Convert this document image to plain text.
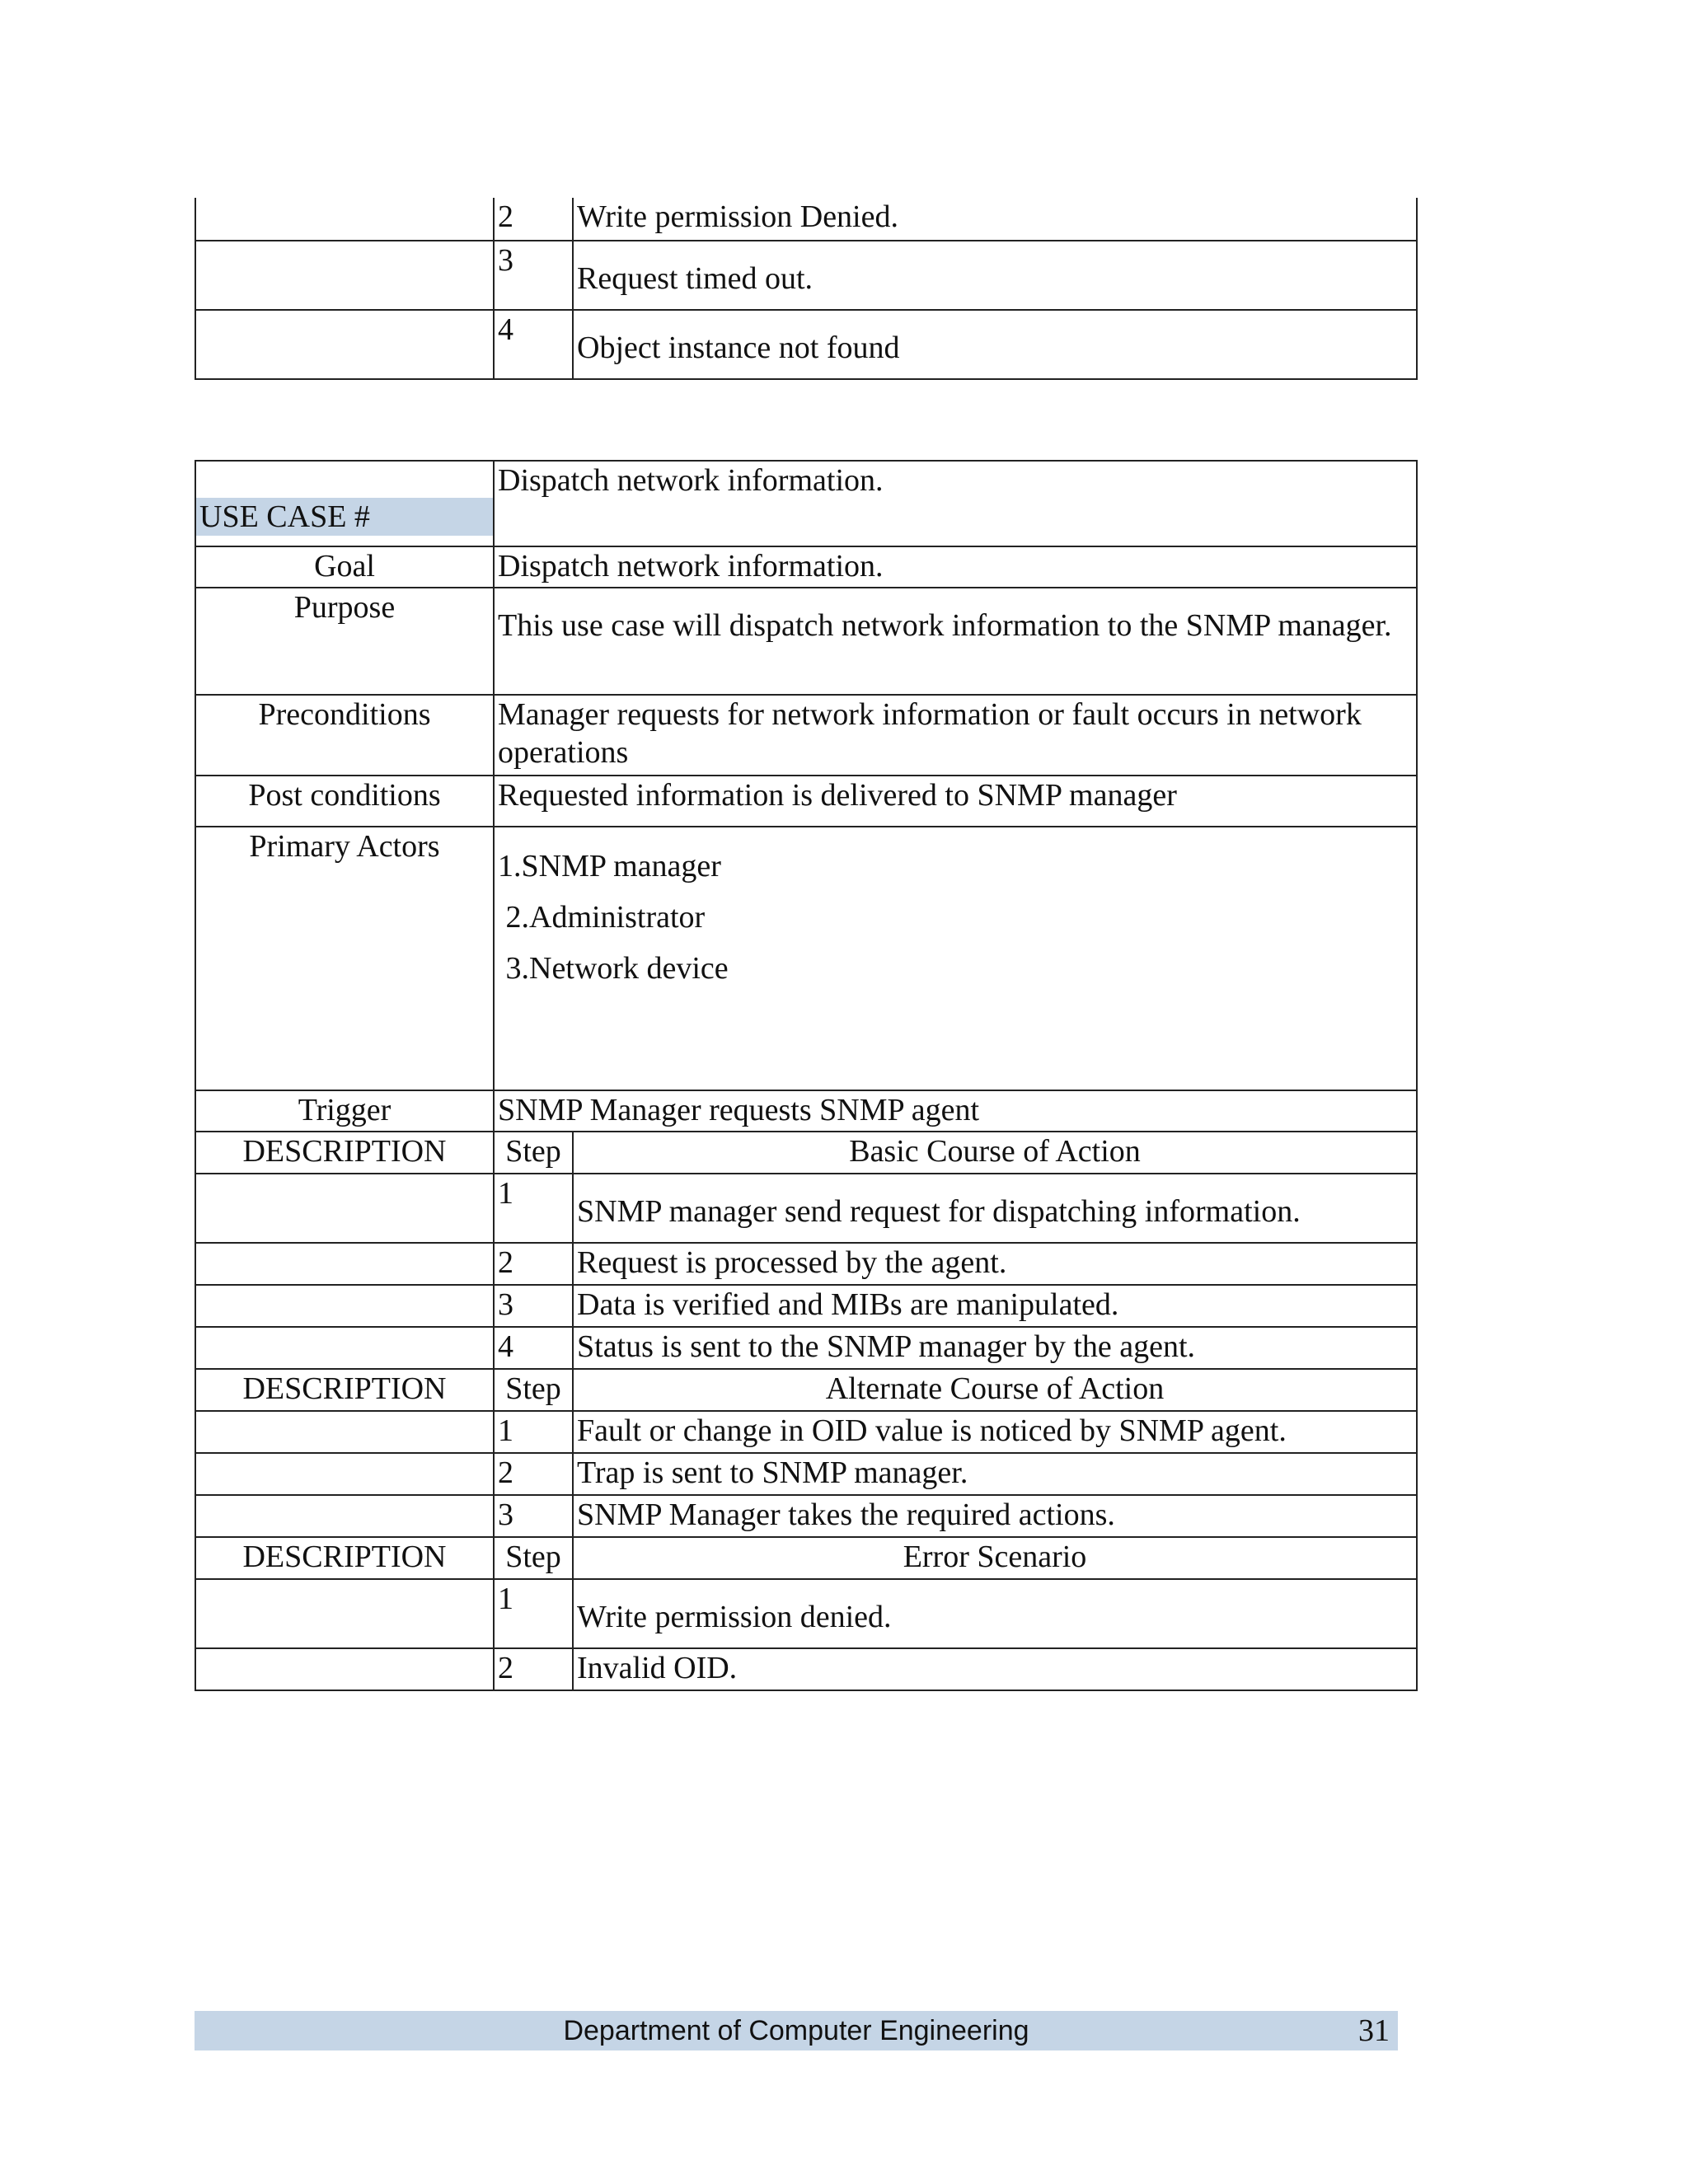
	2	Write permission Denied.
	3	Request timed out.

	4	Object instance not found
USE CASE #	Dispatch network information.	
Goal	Dispatch network information.	
Purpose	This use case will dispatch network information to the SNMP manager.	

Preconditions	Manager requests for network information or fault occurs in network operations	
Post conditions	Requested information is delivered to SNMP manager	
Primary Actors	1.SNMP manager
2.Administrator
3.Network device	

Trigger	SNMP Manager requests SNMP agent	
DESCRIPTION	Step	Basic Course of Action
	1	SNMP manager send request for dispatching information.

	2	Request is processed by the agent.
	3	Data is verified and MIBs are manipulated.
	4	Status is sent to the SNMP manager by the agent.
DESCRIPTION	Step	Alternate Course of Action
	1	Fault or change in OID value is noticed by SNMP agent.
	2	Trap is sent to SNMP manager.
	3	SNMP Manager takes the required actions.
DESCRIPTION	Step	Error Scenario
	1	Write permission denied.

	2	Invalid OID.
Department of Computer Engineering	31
